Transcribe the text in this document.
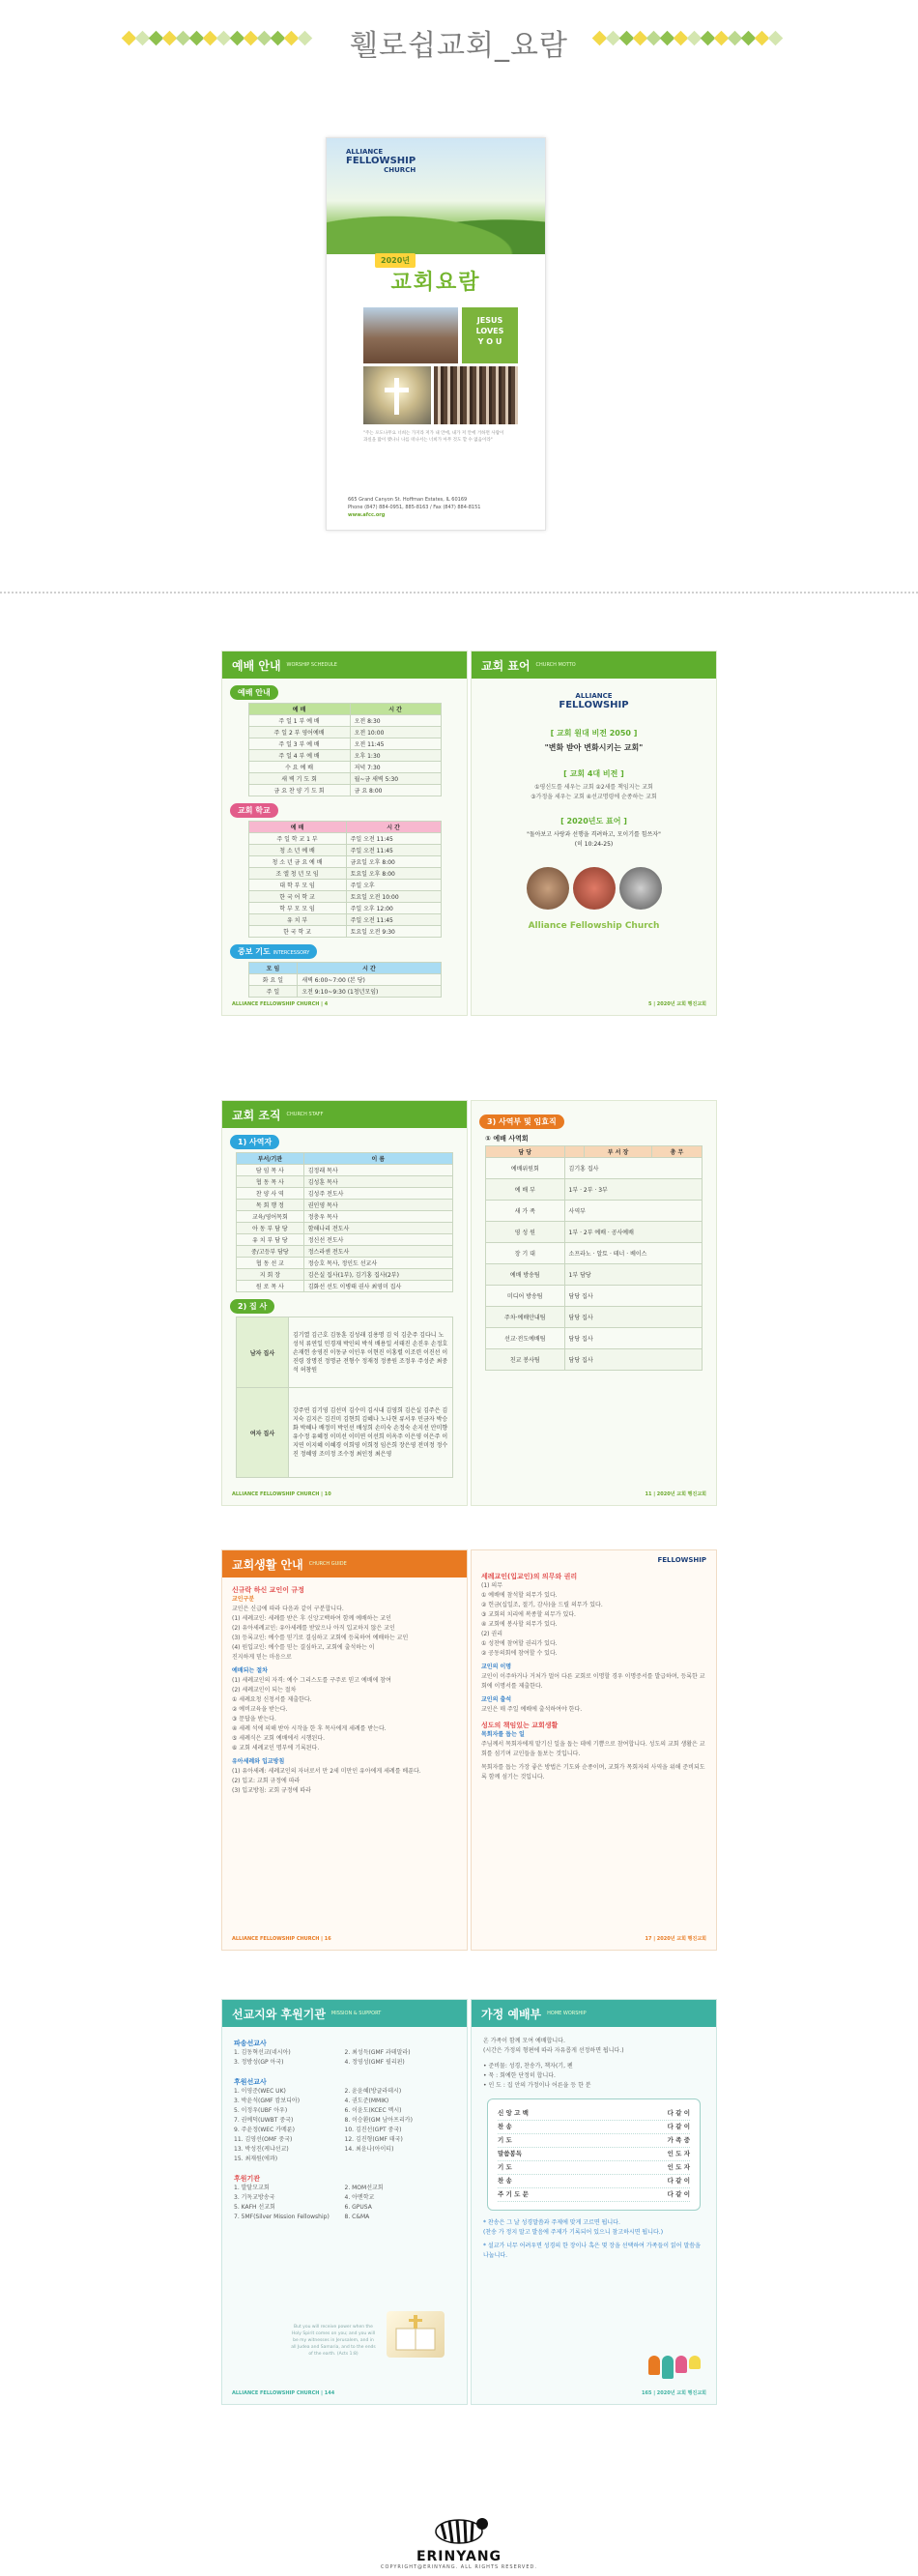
휄로쉽교회_요람
ALLIANCE
FELLOWSHIP
CHURCH
2020년
교회요람
JESUS
LOVES
Y O U
"주는 포도나무요 너희는 가지라 저가 내 안에, 내가 저 안에 거하면 사람이 과실을 많이 맺나니 나를 떠나서는 너희가 아무 것도 할 수 없음이라"
665 Grand Canyon St. Hoffman Estates, IL 60169
Phone (847) 884-0951, 885-8163 / Fax (847) 884-8151
www.afcc.org
예배 안내 WORSHIP SCHEDULE
예배 안내
예 배	시 간
주 일 1 부 예 배	오전 8:30
주 일 2 부 영어예배	오전 10:00
주 일 3 부 예 배	오전 11:45
주 일 4 부 예 배	오후 1:30
수 요 예 배	저녁 7:30
새 벽 기 도 회	월~금 새벽 5:30
금 요 찬 양 기 도 회	금 요 8:00
교회 학교
예 배	시 간
주 일 학 교 1 부	주일 오전 11:45
청 소 년 예 배	주일 오전 11:45
청 소 년 금 요 예 배	금요일 오후 8:00
조 엘 청 년 모 임	토요일 오후 8:00
대 학 부 모 임	주일 오후
한 국 어 학 교	토요일 오전 10:00
학 부 모 모 임	주일 오후 12:00
유 치 부	주일 오전 11:45
한 국 학 교	토요일 오전 9:30
중보 기도 INTERCESSORY
모 임	시 간
화 요 일	새벽 6:00~7:00 (본 당)
주 일	오전 9:10~9:30 (1청년모임)
ALLIANCE FELLOWSHIP CHURCH | 4
교회 표어 CHURCH MOTTO
ALLIANCE
FELLOWSHIP
[ 교회 원대 비전 2050 ]
"변화 받아 변화시키는 교회"
[ 교회 4대 비전 ]
①평신도를 세우는 교회 ②2세를 책임지는 교회
③가정을 세우는 교회 ④선교명령에 순종하는 교회
[ 2020년도 표어 ]
"돌아보고 사랑과 선행을 격려하고, 모이기를 힘쓰자"
(히 10:24-25)
Alliance Fellowship Church
5 | 2020년 교회 행진교회
교회 조직 CHURCH STAFF
1) 사역자
부서/기관	이 름
담 임 목 사	김정래 목사
협 동 목 사	김성훈 목사
찬 양 사 역	김성주 전도사
목 회 행 정	권인영 목사
교육/영어목회	정충우 목사
아 동 부 담 당	함해나리 전도사
유 치 부 담 당	정신선 전도사
중/고등부 담당	정스라센 전도사
협 동 선 교	정승호 목사, 정인도 선교사
지 회 장	김은실 집사(1부), 김기홍 집사(2부)
원 로 목 사	김화선 선도 이병태 권사 최영미 집사
2) 집 사
남자 집사	김기열 김근호 김동훈 김성래 김용명 김 익 김춘주 김다니 노성석 류연일 민경재 박인의 박석 배용일 서태진 손진우 손정호 손재헌 송영진 이동규 이인우 이현진 이홍렬 이조련 이진선 이진령 장명진 정명균 전형수 정재정 정종원 조정우 주성준 최중석 허창원
여자 집사	강주연 김기영 김선미 김수미 김시내 김영희 김은실 김주은 김지숙 김지은 김진미 김현희 김혜나 노나현 류서우 민금자 박승화 박혜나 배정미 박인선 배성희 손미숙 손정숙 손지선 안미향 유수정 유혜정 이미선 이미연 이선희 이옥주 이은영 이은주 이지연 이지혜 이혜경 이희영 이희정 임은희 장은영 전미정 정수진 정혜영 조미정 조수정 최인정 최은영
ALLIANCE FELLOWSHIP CHURCH | 10
3) 사역부 및 임효직
① 예배 사역회
담 당		부 서 장	총 무
예배위원회	김기홍 집사		
예 배 부	1부 · 2부 · 3부		
새 가 족	사역부		
영 성 원	1부 · 2부 예배 · 공사예배		
장 기 대	소프라노 · 알토 · 테너 · 베이스		
예배 방송팀	1부 담당		
미디어 방송팀	담당 집사		
주차·예배안내팀	담당 집사		
선교·전도예배팀	담당 집사		
친교 봉사팀	담당 집사		
11 | 2020년 교회 행진교회
교회생활 안내 CHURCH GUIDE
신규락 하신 교인이 규정
교인구분
교인은 신급에 따라 다음과 같이 구분합니다.
(1) 세례교인: 세례를 받은 후 신앙고백하여 함께 예배하는 교인
(2) 유아세례교인: 유아세례를 받았으나 아직 입교하지 않은 교인
(3) 등록교인: 예수를 믿기로 결심하고 교회에 등록하여 예배하는 교인
(4) 원입교인: 예수를 믿는 결심하고, 교회에 출석하는 이
진지하게 믿는 마음으로
예배되는 절차
(1) 세례교인의 자격: 예수 그리스도를 구주로 믿고 예배에 참여
(2) 세례교인이 되는 절차
① 세례요청 신청서를 제출한다.
② 예비교육을 받는다.
③ 문답을 받는다.
④ 세례 석에 의해 받아 시작을 한 후 목사에게 세례를 받는다.
⑤ 세례식은 교회 예배에서 시행된다.
⑥ 교회 세례교인 명부에 기록된다.
유아세례와 입교방침
(1) 유아세례: 세례교인의 자녀로서 만 2세 미만인 유아에게 세례를 베푼다.
(2) 입교: 교회 규정에 따라
(3) 입교방침: 교회 규정에 따라
ALLIANCE FELLOWSHIP CHURCH | 16
FELLOWSHIP
세례교인(입교인)의 의무와 권리
(1) 의무
① 예배에 참석할 의무가 있다.
② 헌금(십일조, 절기, 감사)을 드릴 의무가 있다.
③ 교회의 치리에 복종할 의무가 있다.
④ 교회에 봉사할 의무가 있다.
(2) 권리
① 성찬에 참여할 권리가 있다.
② 공동의회에 참여할 수 있다.
교인의 이명
교인이 이주하거나 거처가 멀어 다른 교회로 이명할 경우 이명증서를 발급하며, 등록한 교회에 이명서를 제출한다.
교인의 출석
교인은 매 주일 예배에 출석하여야 한다.
성도의 책임있는 교회생활
목회자를 돕는 일
주님께서 목회자에게 맡기신 일을 돕는 데에 기쁨으로 참여합니다. 성도의 교회 생활은 교회를 섬기며 교인들을 돌보는 것입니다.
목회자를 돕는 가장 좋은 방법은 기도와 순종이며, 교회가 목회자의 사역을 위해 준비되도록 함께 섬기는 것입니다.
17 | 2020년 교회 행진교회
선교지와 후원기관 MISSION & SUPPORT
파송선교사
1. 김동혁선교(네시아)	2. 최성득(GMF 과테말라)
3. 정방성(GP 아국)	4. 정영성(GMF 필리핀)
후원선교사
1. 이영준(WEC UK)	2. 윤윤혜(방글라데시)
3. 박윤석(GMF 캄보디아)	4. 권도준(MMIK)
5. 이정우(UBF 아우)	6. 이윤도(KCEC 멕시)
7. 권예덕(UWBT 중국)	8. 이승환(GM 남아프리카)
9. 주윤정(WEC 카메룬)	10. 김진선(GPT 중국)
11. 김영선(OMF 중국)	12. 김진형(GMF 태국)
13. 박성진(케냐선교)	14. 최윤나(아이티)
15. 최재원(에콰)
후원기관
1. 발달모교회	2. MOM선교회
3. 기독교방송국	4. 아멘학교
5. KAFH 선교회	6. GPUSA
7. 5MF(Silver Mission Fellowship)	8. C&MA
But you will receive power when the Holy Spirit comes on you; and you will be my witnesses in Jerusalem, and in all Judea and Samaria, and to the ends of the earth. (Acts 1:8)
ALLIANCE FELLOWSHIP CHURCH | 144
가정 예배부 HOME WORSHIP
온 가족이 함께 모여 예배합니다.
(시간은 가정의 형편에 따라 자유롭게 선정하면 됩니다.)
• 준비물: 성경, 찬송가, 책자(기, 펜
• 묵 : 회예한 단정히 합니다.
• 인 도 : 집 안의 가정이나 어른을 등 한 분
신 앙 고 백	다 같 이
찬 송	다 같 이
기 도	가 족 중
말씀봉독	인 도 자
기 도	인 도 자
찬 송	다 같 이
주 기 도 문	다 같 이
* 찬송은 그 날 성경말씀과 주제에 맞게 고르면 됩니다.
(찬송 가 정지 말고 발음에 주제가 기록되어 있으니 참고하시면 됩니다.)
* 설교가 너무 어려우면 성경의 한 장이나 혹은 몇 장을 선택하여 가족들이 읽어 말씀을 나눕니다.
165 | 2020년 교회 행진교회
ERINYANG
COPYRIGHT@ERINYANG. ALL RIGHTS RESERVED.
